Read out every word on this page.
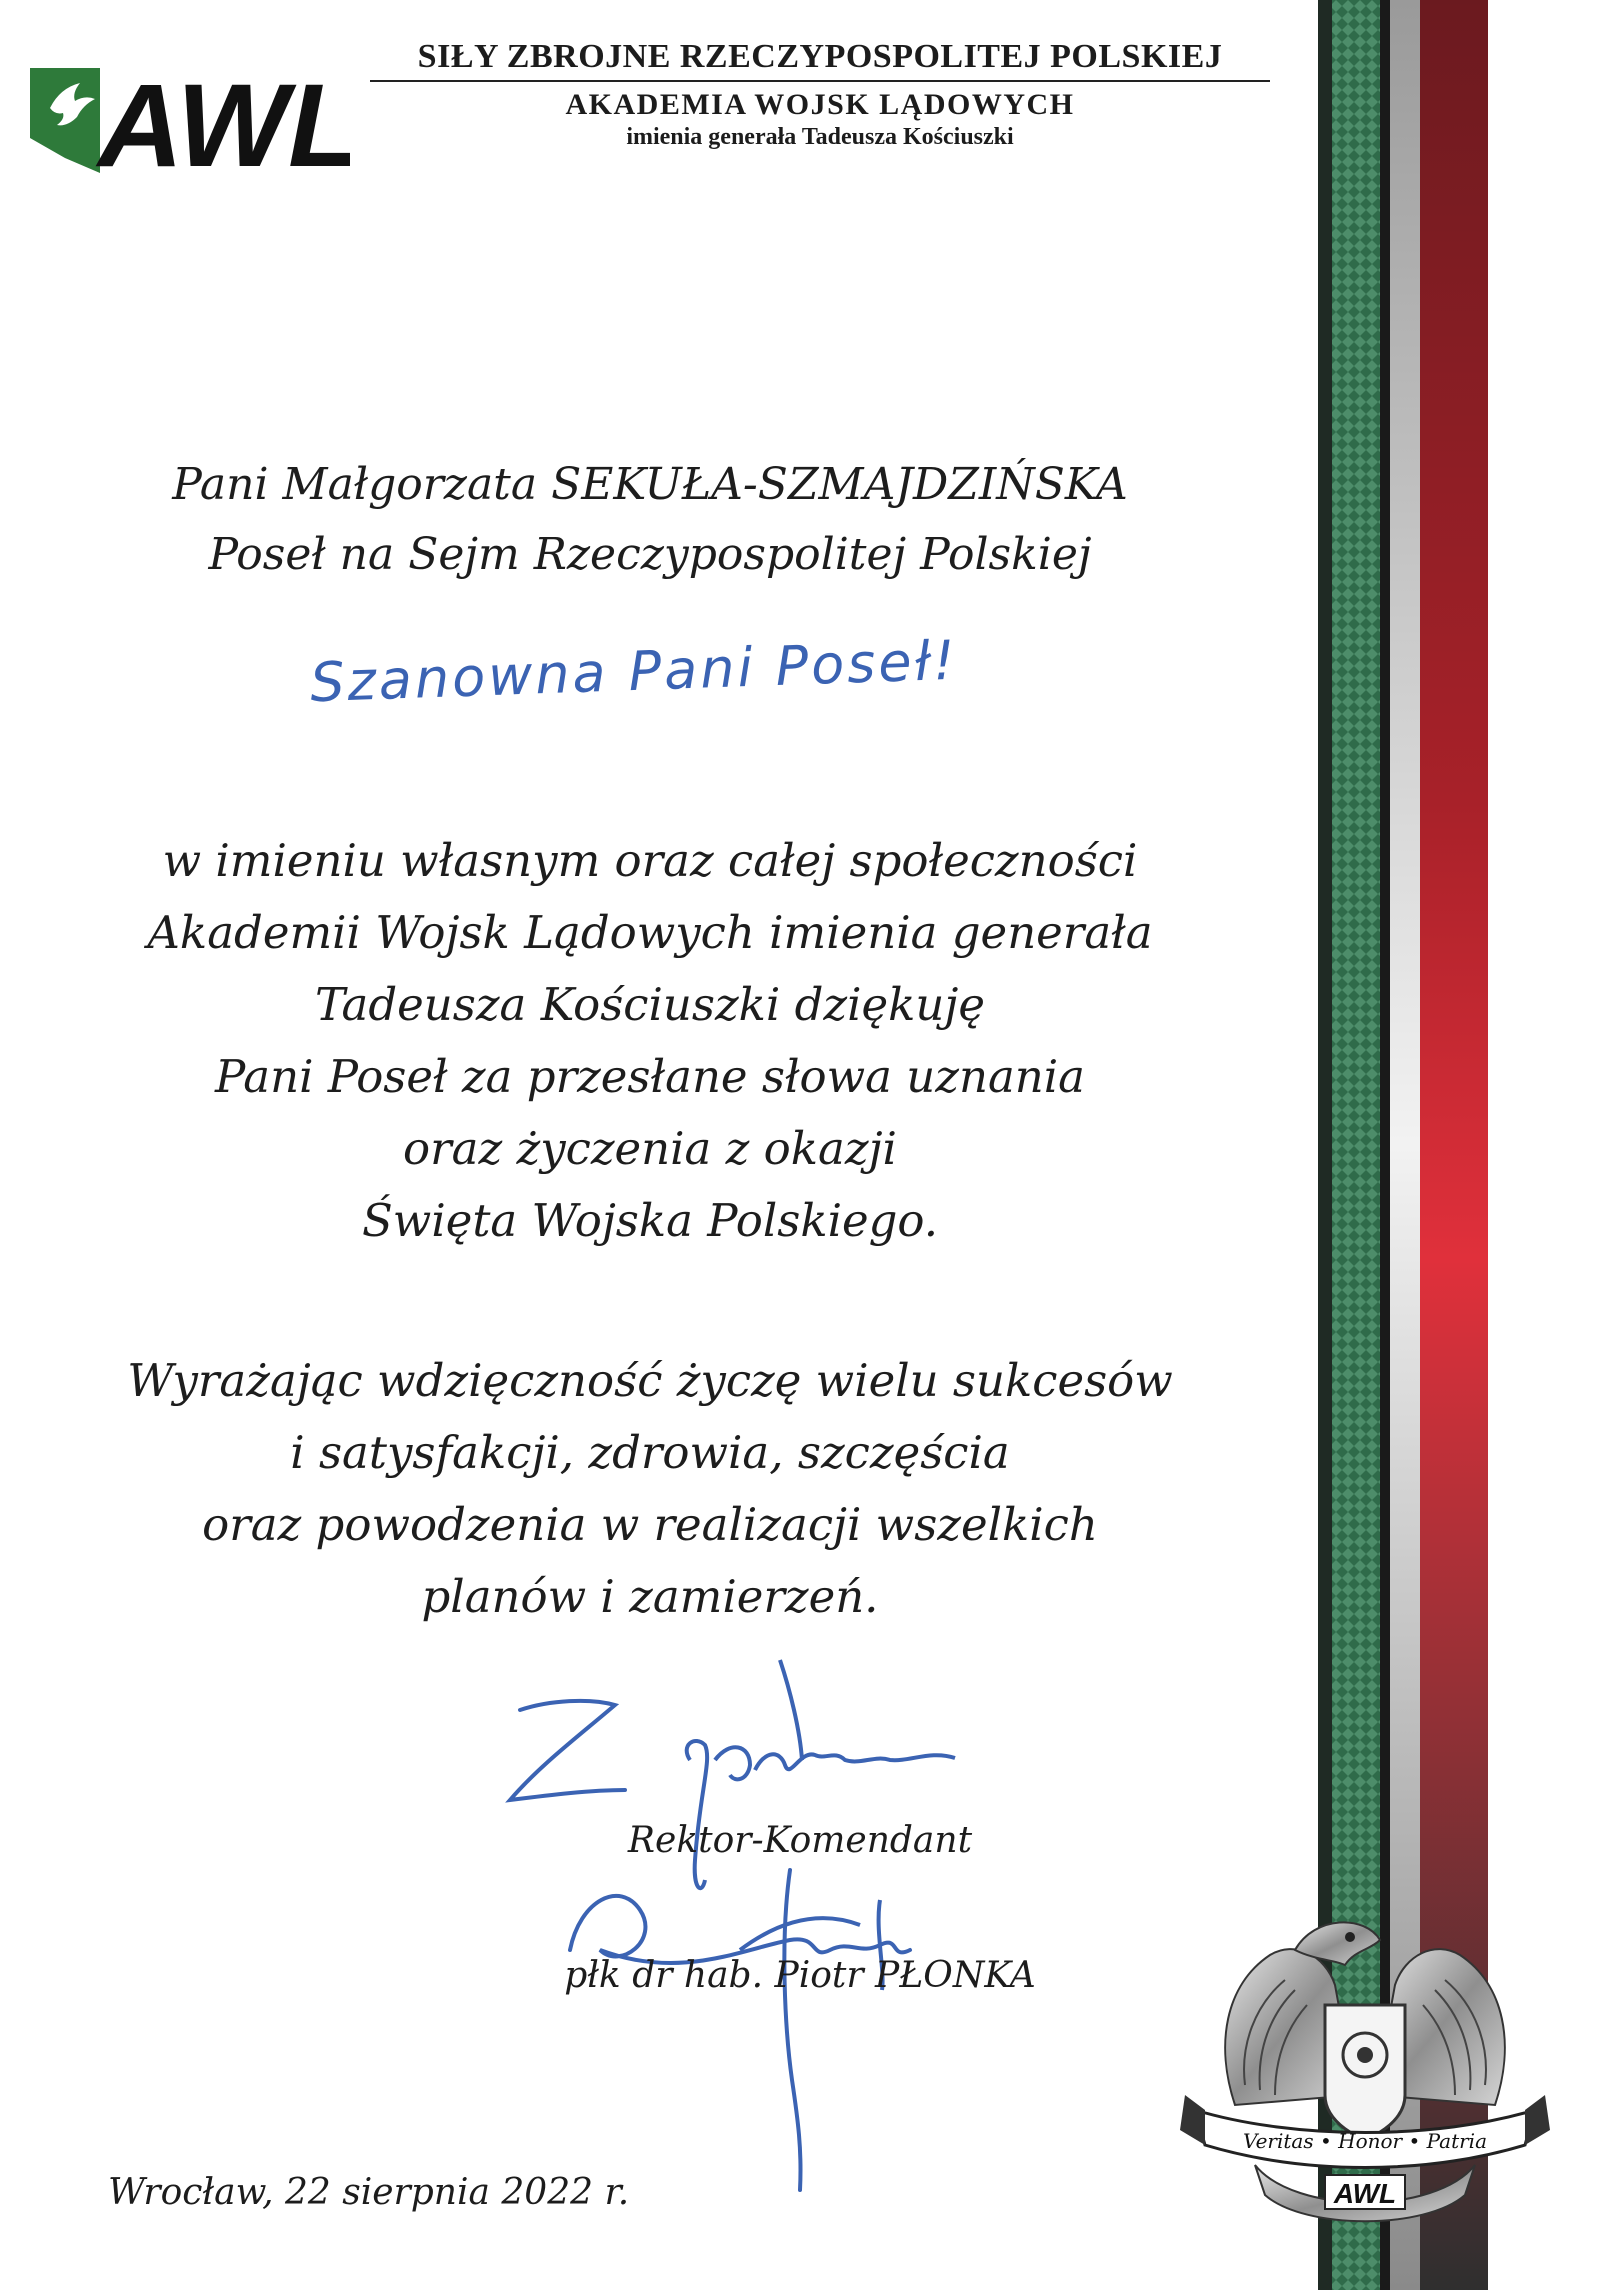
AWL
SIŁY ZBROJNE RZECZYPOSPOLITEJ POLSKIEJ
AKADEMIA WOJSK LĄDOWYCH
imienia generała Tadeusza Kościuszki
Pani Małgorzata SEKUŁA-SZMAJDZIŃSKA
Poseł na Sejm Rzeczypospolitej Polskiej
Szanowna Pani Poseł!
w imieniu własnym oraz całej społeczności
Akademii Wojsk Lądowych imienia generała
Tadeusza Kościuszki dziękuję
Pani Poseł za przesłane słowa uznania
oraz życzenia z okazji
Święta Wojska Polskiego.
Wyrażając wdzięczność życzę wielu sukcesów
i satysfakcji, zdrowia, szczęścia
oraz powodzenia w realizacji wszelkich
planów i zamierzeń.
Rektor-Komendant
płk dr hab. Piotr PŁONKA
Veritas • Honor • Patria
AWL
Wrocław, 22 sierpnia 2022 r.
